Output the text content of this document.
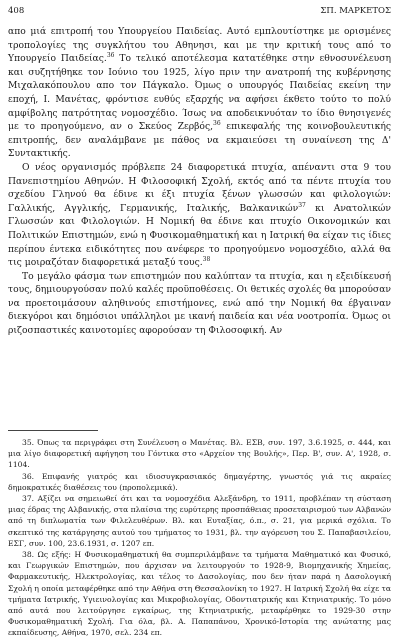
408	ΣΠ. ΜΑΡΚΕΤΟΣ

απο μιά επιτροπή του Υπουργείου Παιδείας. Αυτό εμπλουτίστηκε με ορισμένες τροπολογίες της συγκλήτου του Αθηνησι, και με την κριτική τους από το Υπουργείο Παιδείας.$^{36}$ Το τελικό αποτέλεσμα κατατέθηκε στην εθνοσυνέλευση και συζητήθηκε τον Ιούνιο του 1925, λίγο πριν την ανατροπή της κυβέρνησης Μιχαλακόπουλου απο τον Πάγκαλο. Όμως ο υπουργός Παιδείας εκείνη την εποχή, Ι. Μανέτας, φρόντισε ευθύς εξαρχής να αφήσει έκθετο τούτο το πολύ αμφίβολης πατρότητας νομοσχέδιο. Ίσως να αποδεικνυόταν το ίδιο θνησιγενές με το προηγούμενο, αν ο Σκεύος Ζερβός,$^{36}$ επικεφαλής της κοινοβουλευτικής επιτροπής, δεν αναλάμβανε με πάθος να εκμαιεύσει τη συναίνεση της Δ' Συντακτικής.

Ο νέος οργανισμός πρόβλεπε 24 διαφορετικά πτυχία, απέναντι στα 9 του Πανεπιστημίου Αθηνών. Η Φιλοσοφική Σχολή, εκτός από τα πέντε πτυχία του σχεδίου Γληνού θα έδινε κι έξι πτυχία ξένων γλωσσών και φιλολογιών: Γαλλικής, Αγγλικής, Γερμανικής, Ιταλικής, Βαλκανικών$^{37}$ κι Ανατολικών Γλωσσών και Φιλολογιών. Η Νομική θα έδινε και πτυχίο Οικονομικών και Πολιτικών Επιστημών, ενώ η Φυσικομαθηματική και η Ιατρική θα είχαν τις ίδιες περίπου έντεκα ειδικότητες που ανέφερε το προηγούμενο νομοσχέδιο, αλλά θα τις μοιραζόταν διαφορετικά μεταξύ τους.$^{38}$

Το μεγάλο φάσμα των επιστημών που καλύπταν τα πτυχία, και η εξειδίκευσή τους, δημιουργούσαν πολύ καλές προϋποθέσεις. Οι θετικές σχολές θα μπορούσαν να προετοιμάσουν αληθινούς επιστήμονες, ενώ από την Νομική θα έβγαιναν διεκγόροι και δημόσιοι υπάλληλοι με ικανή παιδεία και νέα νοοτροπία. Όμως οι ριζοσπαστικές καινοτομίες αφορούσαν τη Φιλοσοφική. Αν

35. Όπως τα περιγράφει στη Συνέλευση ο Μανέτας. Βλ. ΕΣΒ, συν. 197, 3.6.1925, σ. 444, και μια λίγο διαφορετική αφήγηση του Γόντικα στο «Αρχείον της Βουλής», Περ. Β', συν. Α', 1928, σ. 1104.

36. Επιφανής γιατρός και ιδιοσυγκρασιακός δημαγέρτης, γνωστός γιά τις ακραίες δημοκρατικές διαθέσεις του (προπολεμικά).

37. Αξίζει να σημειωθεί ότι και τα νομοσχέδια Αλεξάνδρη, το 1911, προβλέπαν τη σύσταση μιας έδρας της Αλβανικής, στα πλαίσια της ευρύτερης προσπάθειας προσεταιρισμού των Αλβανών από τη διπλωματία των Φιλελευθέρων. Βλ. και Ευταξίας, ό.π., σ. 21, για μερικά σχόλια. Το σκεπτικό της κατάργησης αυτού του τμήματος το 1931, βλ. την αγόρευση του Σ. Παπαβασιλείου, ΕΣΓ, συν. 100, 23.6.1931, σ. 1207 επ.

38. Ως εξής: Η Φυσικομαθηματική θα συμπεριλάμβανε τα τμήματα Μαθηματικό και Φυσικό, και Γεωργικών Επιστημών, που άρχισαν να λειτουργούν το 1928-9, Βιομηχανικής Χημείας, Φαρμακευτικής, Ηλεκτρολογίας, και τέλος το Δασολογίας, που δεν ήταν παρά η Δασολογική Σχολή η οποία μεταφέρθηκε από την Αθήνα στη Θεσσαλονίκη το 1927. Η Ιατρική Σχολή θα είχε τα τμήματα Ιατρικής, Υγιεινολογίας και Μικροβιολογίας, Οδοντιατρικής και Κτηνιατρικής. Το μόνο από αυτά που λειτούργησε εγκαίρως, της Κτηνιατρικής, μεταφέρθηκε το 1929-30 στην Φυσικομαθηματική Σχολή. Για όλα, βλ. Α. Παπαπάνου, Χρονικό-Ιστορία της ανώτατης μας εκπαίδευσης, Αθήνα, 1970, σελ. 234 επ.
